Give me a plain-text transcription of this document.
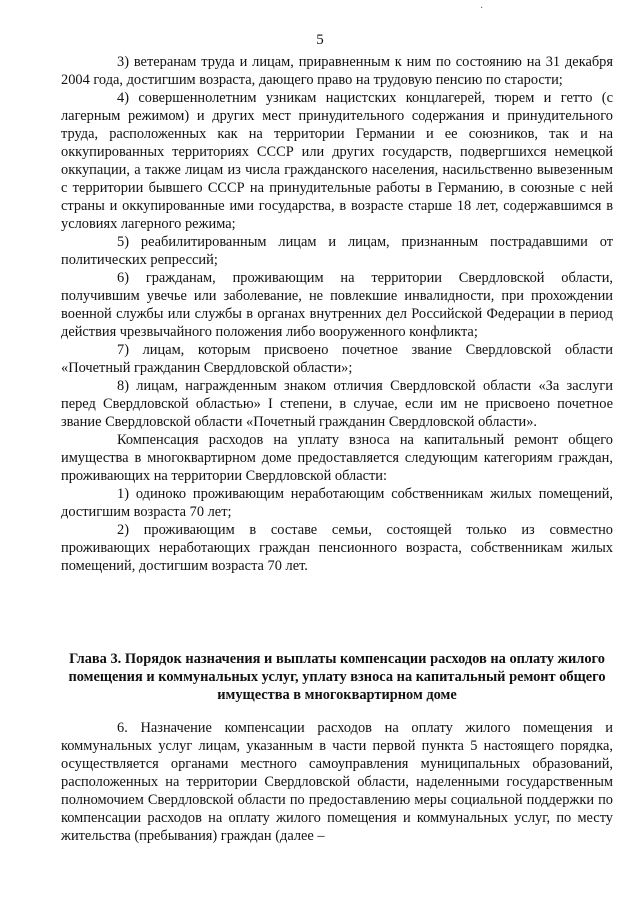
·
5

3) ветеранам труда и лицам, приравненным к ним по состоянию на 31 декабря 2004 года, достигшим возраста, дающего право на трудовую пенсию по старости;

4) совершеннолетним узникам нацистских концлагерей, тюрем и гетто (с лагерным режимом) и других мест принудительного содержания и принудительного труда, расположенных как на территории Германии и ее союзников, так и на оккупированных территориях СССР или других государств, подвергшихся немецкой оккупации, а также лицам из числа гражданского населения, насильственно вывезенным с территории бывшего СССР на принудительные работы в Германию, в союзные с ней страны и оккупированные ими государства, в возрасте старше 18 лет, содержавшимся в условиях лагерного режима;

5) реабилитированным лицам и лицам, признанным пострадавшими от политических репрессий;

6) гражданам, проживающим на территории Свердловской области, получившим увечье или заболевание, не повлекшие инвалидности, при прохождении военной службы или службы в органах внутренних дел Российской Федерации в период действия чрезвычайного положения либо вооруженного конфликта;

7) лицам, которым присвоено почетное звание Свердловской области «Почетный гражданин Свердловской области»;

8) лицам, награжденным знаком отличия Свердловской области «За заслуги перед Свердловской областью» I степени, в случае, если им не присвоено почетное звание Свердловской области «Почетный гражданин Свердловской области».

Компенсация расходов на уплату взноса на капитальный ремонт общего имущества в многоквартирном доме предоставляется следующим категориям граждан, проживающих на территории Свердловской области:

1) одиноко проживающим неработающим собственникам жилых помещений, достигшим возраста 70 лет;

2) проживающим в составе семьи, состоящей только из совместно проживающих неработающих граждан пенсионного возраста, собственникам жилых помещений, достигшим возраста 70 лет.

Глава 3. Порядок назначения и выплаты компенсации расходов на оплату жилого помещения и коммунальных услуг, уплату взноса на капитальный ремонт общего имущества в многоквартирном доме

6. Назначение компенсации расходов на оплату жилого помещения и коммунальных услуг лицам, указанным в части первой пункта 5 настоящего порядка, осуществляется органами местного самоуправления муниципальных образований, расположенных на территории Свердловской области, наделенными государственным полномочием Свердловской области по предоставлению меры социальной поддержки по компенсации расходов на оплату жилого помещения и коммунальных услуг, по месту жительства (пребывания) граждан (далее –
